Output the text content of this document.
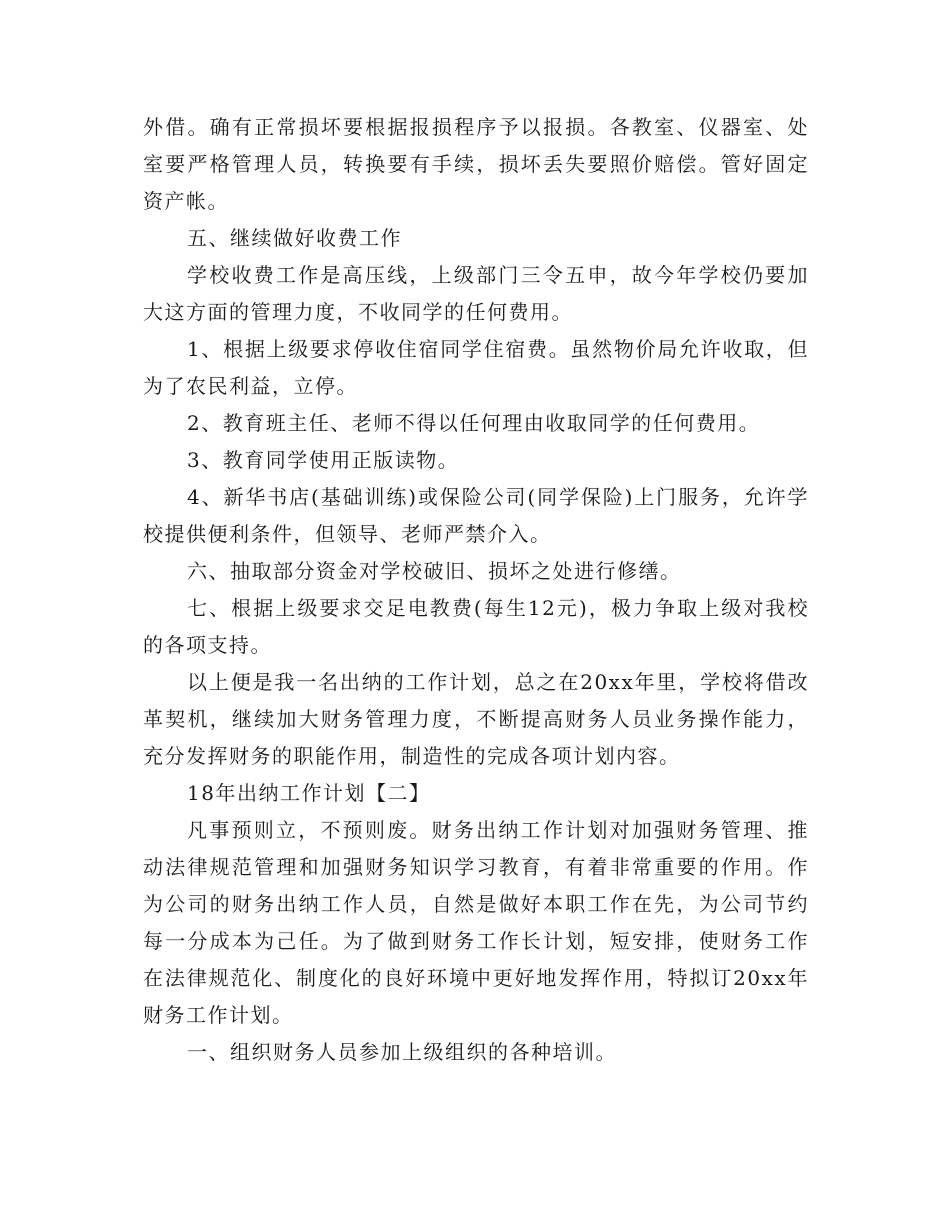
外借。确有正常损坏要根据报损程序予以报损。各教室、仪器室、处室要严格管理人员，转换要有手续，损坏丢失要照价赔偿。管好固定资产帐。

五、继续做好收费工作

学校收费工作是高压线，上级部门三令五申，故今年学校仍要加大这方面的管理力度，不收同学的任何费用。

1、根据上级要求停收住宿同学住宿费。虽然物价局允许收取，但为了农民利益，立停。

2、教育班主任、老师不得以任何理由收取同学的任何费用。

3、教育同学使用正版读物。

4、新华书店(基础训练)或保险公司(同学保险)上门服务，允许学校提供便利条件，但领导、老师严禁介入。

六、抽取部分资金对学校破旧、损坏之处进行修缮。

七、根据上级要求交足电教费(每生12元)，极力争取上级对我校的各项支持。

以上便是我一名出纳的工作计划，总之在20xx年里，学校将借改革契机，继续加大财务管理力度，不断提高财务人员业务操作能力，充分发挥财务的职能作用，制造性的完成各项计划内容。

18年出纳工作计划【二】

凡事预则立，不预则废。财务出纳工作计划对加强财务管理、推动法律规范管理和加强财务知识学习教育，有着非常重要的作用。作为公司的财务出纳工作人员，自然是做好本职工作在先，为公司节约每一分成本为己任。为了做到财务工作长计划，短安排，使财务工作在法律规范化、制度化的良好环境中更好地发挥作用，特拟订20xx年财务工作计划。

一、组织财务人员参加上级组织的各种培训。
